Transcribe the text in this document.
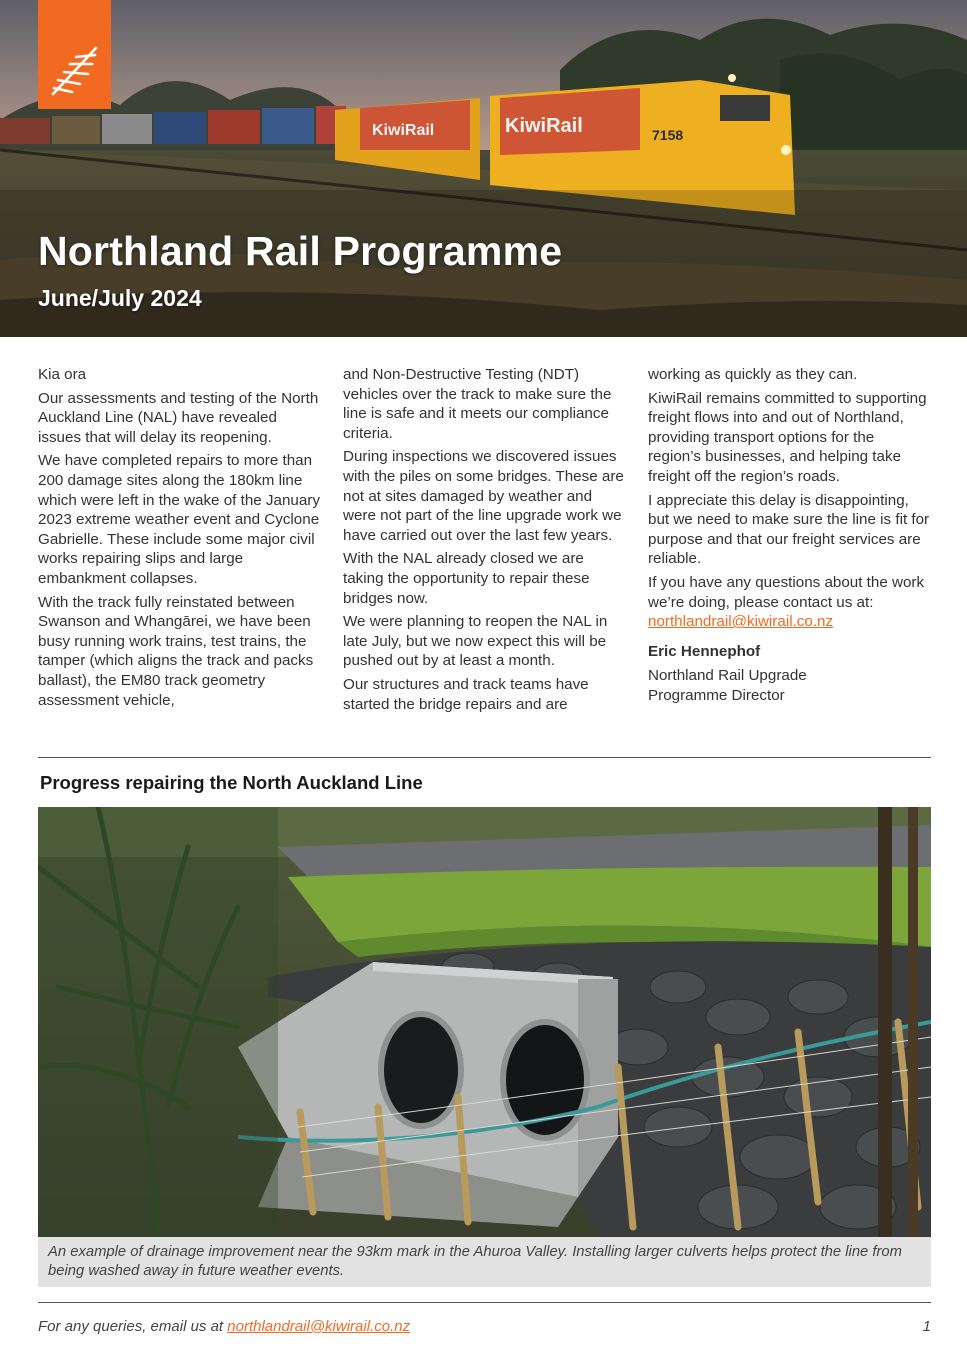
KiwiRail	KiwiRail	7158
Northland Rail Programme
June/July 2024

Kia ora

Our assessments and testing of the North Auckland Line (NAL) have revealed issues that will delay its reopening.

We have completed repairs to more than 200 damage sites along the 180km line which were left in the wake of the January 2023 extreme weather event and Cyclone Gabrielle. These include some major civil works repairing slips and large embankment collapses.

With the track fully reinstated between Swanson and Whangārei, we have been busy running work trains, test trains, the tamper (which aligns the track and packs ballast), the EM80 track geometry assessment vehicle,

and Non-Destructive Testing (NDT) vehicles over the track to make sure the line is safe and it meets our compliance criteria.

During inspections we discovered issues with the piles on some bridges. These are not at sites damaged by weather and were not part of the line upgrade work we have carried out over the last few years.

With the NAL already closed we are taking the opportunity to repair these bridges now.

We were planning to reopen the NAL in late July, but we now expect this will be pushed out by at least a month.

Our structures and track teams have started the bridge repairs and are

working as quickly as they can.

KiwiRail remains committed to supporting freight flows into and out of Northland, providing transport options for the region’s businesses, and helping take freight off the region’s roads.

I appreciate this delay is disappointing, but we need to make sure the line is fit for purpose and that our freight services are reliable.

If you have any questions about the work we’re doing, please contact us at:
northlandrail@kiwirail.co.nz

Eric Hennephof

Northland Rail Upgrade Programme Director

Progress repairing the North Auckland Line
An example of drainage improvement near the 93km mark in the Ahuroa Valley. Installing larger culverts helps protect the line from being washed away in future weather events.
For any queries, email us at northlandrail@kiwirail.co.nz	1
